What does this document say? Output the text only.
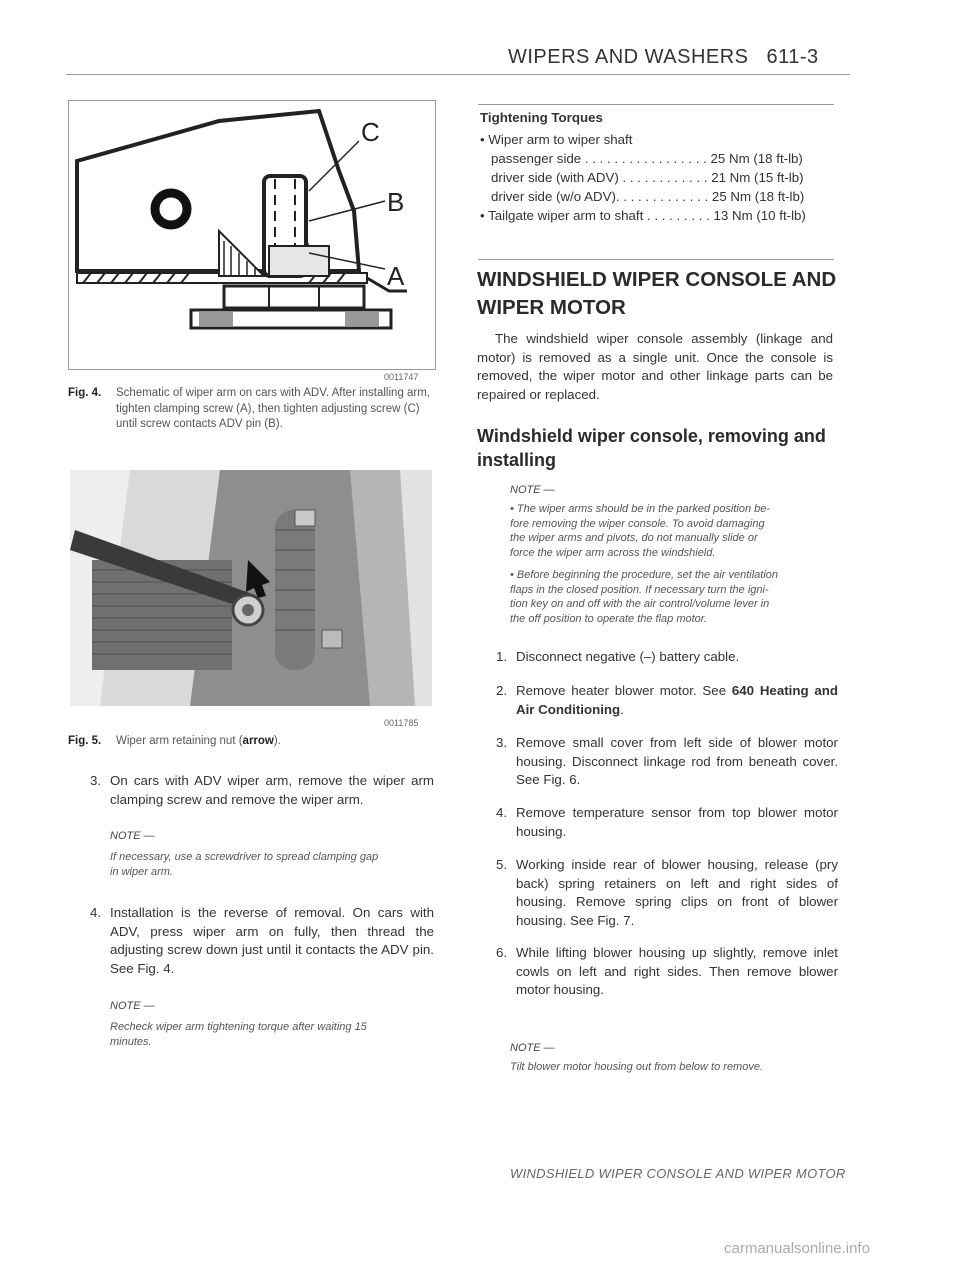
WIPERS AND WASHERS 611-3
C
B
A
0011747
Fig. 4. Schematic of wiper arm on cars with ADV. After installing arm,
tighten clamping screw (A), then tighten adjusting screw (C)
until screw contacts ADV pin (B).
0011785
Fig. 5. Wiper arm retaining nut (arrow).
3. On cars with ADV wiper arm, remove the wiper arm clamping screw and remove the wiper arm.
NOTE —
If necessary, use a screwdriver to spread clamping gap
in wiper arm.
4. Installation is the reverse of removal. On cars with ADV, press wiper arm on fully, then thread the adjusting screw down just until it contacts the ADV pin. See Fig. 4.
NOTE —
Recheck wiper arm tightening torque after waiting 15
minutes.
Tightening Torques
• Wiper arm to wiper shaft
passenger side . . . . . . . . . . . . . . . . . 25 Nm (18 ft-lb)
driver side (with ADV) . . . . . . . . . . . . 21 Nm (15 ft-lb)
driver side (w/o ADV). . . . . . . . . . . . . 25 Nm (18 ft-lb)
• Tailgate wiper arm to shaft . . . . . . . . . 13 Nm (10 ft-lb)
WINDSHIELD WIPER CONSOLE AND
WIPER MOTOR
The windshield wiper console assembly (linkage and motor) is removed as a single unit. Once the console is removed, the wiper motor and other linkage parts can be repaired or replaced.
Windshield wiper console, removing and
installing
NOTE —
• The wiper arms should be in the parked position be-
fore removing the wiper console. To avoid damaging
the wiper arms and pivots, do not manually slide or
force the wiper arm across the windshield.
• Before beginning the procedure, set the air ventilation
flaps in the closed position. If necessary turn the igni-
tion key on and off with the air control/volume lever in
the off position to operate the flap motor.
1. Disconnect negative (–) battery cable.
2. Remove heater blower motor. See 640 Heating and Air Conditioning.
3. Remove small cover from left side of blower motor housing. Disconnect linkage rod from beneath cover. See Fig. 6.
4. Remove temperature sensor from top blower motor housing.
5. Working inside rear of blower housing, release (pry back) spring retainers on left and right sides of housing. Remove spring clips on front of blower housing. See Fig. 7.
6. While lifting blower housing up slightly, remove inlet cowls on left and right sides. Then remove blower motor housing.
NOTE —
Tilt blower motor housing out from below to remove.
WINDSHIELD WIPER CONSOLE AND WIPER MOTOR
carmanualsonline.info
